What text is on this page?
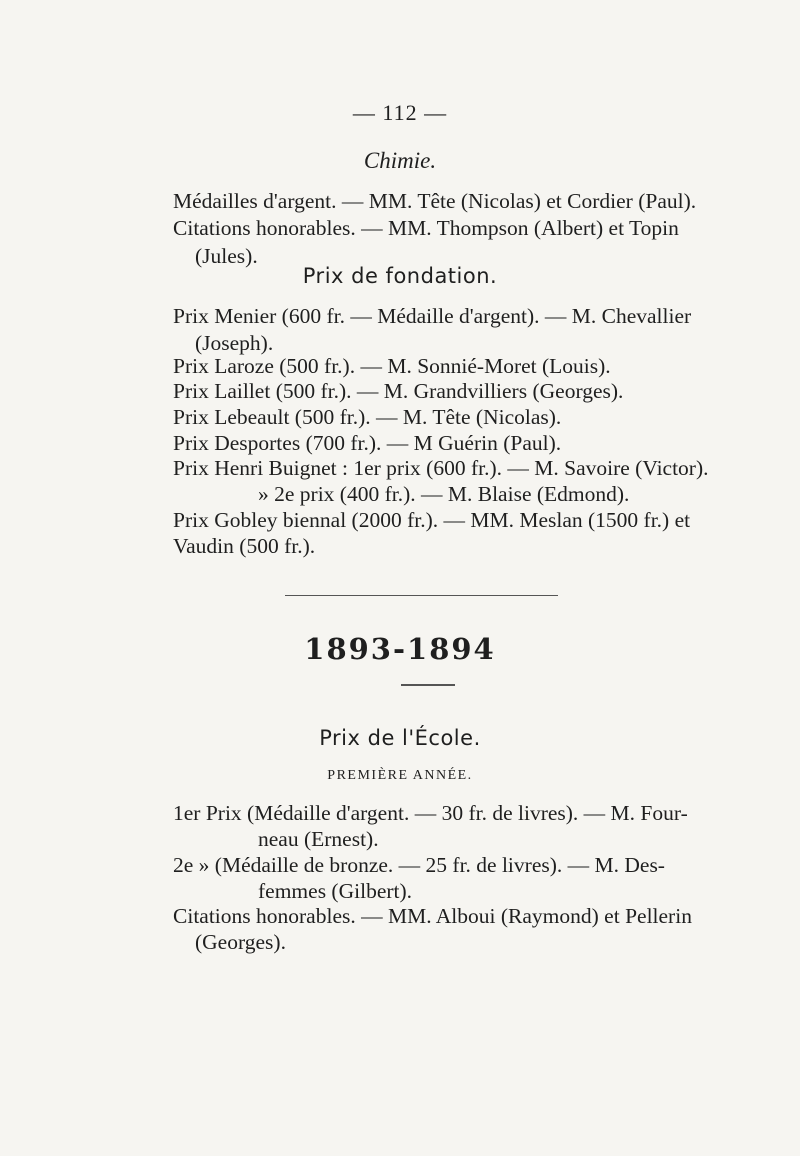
— 112 —
Chimie.
Médailles d'argent. — MM. Tête (Nicolas) et Cordier (Paul).
Citations honorables. — MM. Thompson (Albert) et Topin
(Jules).
Prix de fondation.
Prix Menier (600 fr. — Médaille d'argent). — M. Chevallier
(Joseph).
Prix Laroze (500 fr.). — M. Sonnié-Moret (Louis).
Prix Laillet (500 fr.). — M. Grandvilliers (Georges).
Prix Lebeault (500 fr.). — M. Tête (Nicolas).
Prix Desportes (700 fr.). — M Guérin (Paul).
Prix Henri Buignet : 1er prix (600 fr.). — M. Savoire (Victor).
» 2e prix (400 fr.). — M. Blaise (Edmond).
Prix Gobley biennal (2000 fr.). — MM. Meslan (1500 fr.) et
Vaudin (500 fr.).
1893-1894
Prix de l'École.
PREMIÈRE ANNÉE.
1er Prix (Médaille d'argent. — 30 fr. de livres). — M. Four-
neau (Ernest).
2e » (Médaille de bronze. — 25 fr. de livres). — M. Des-
femmes (Gilbert).
Citations honorables. — MM. Alboui (Raymond) et Pellerin
(Georges).
